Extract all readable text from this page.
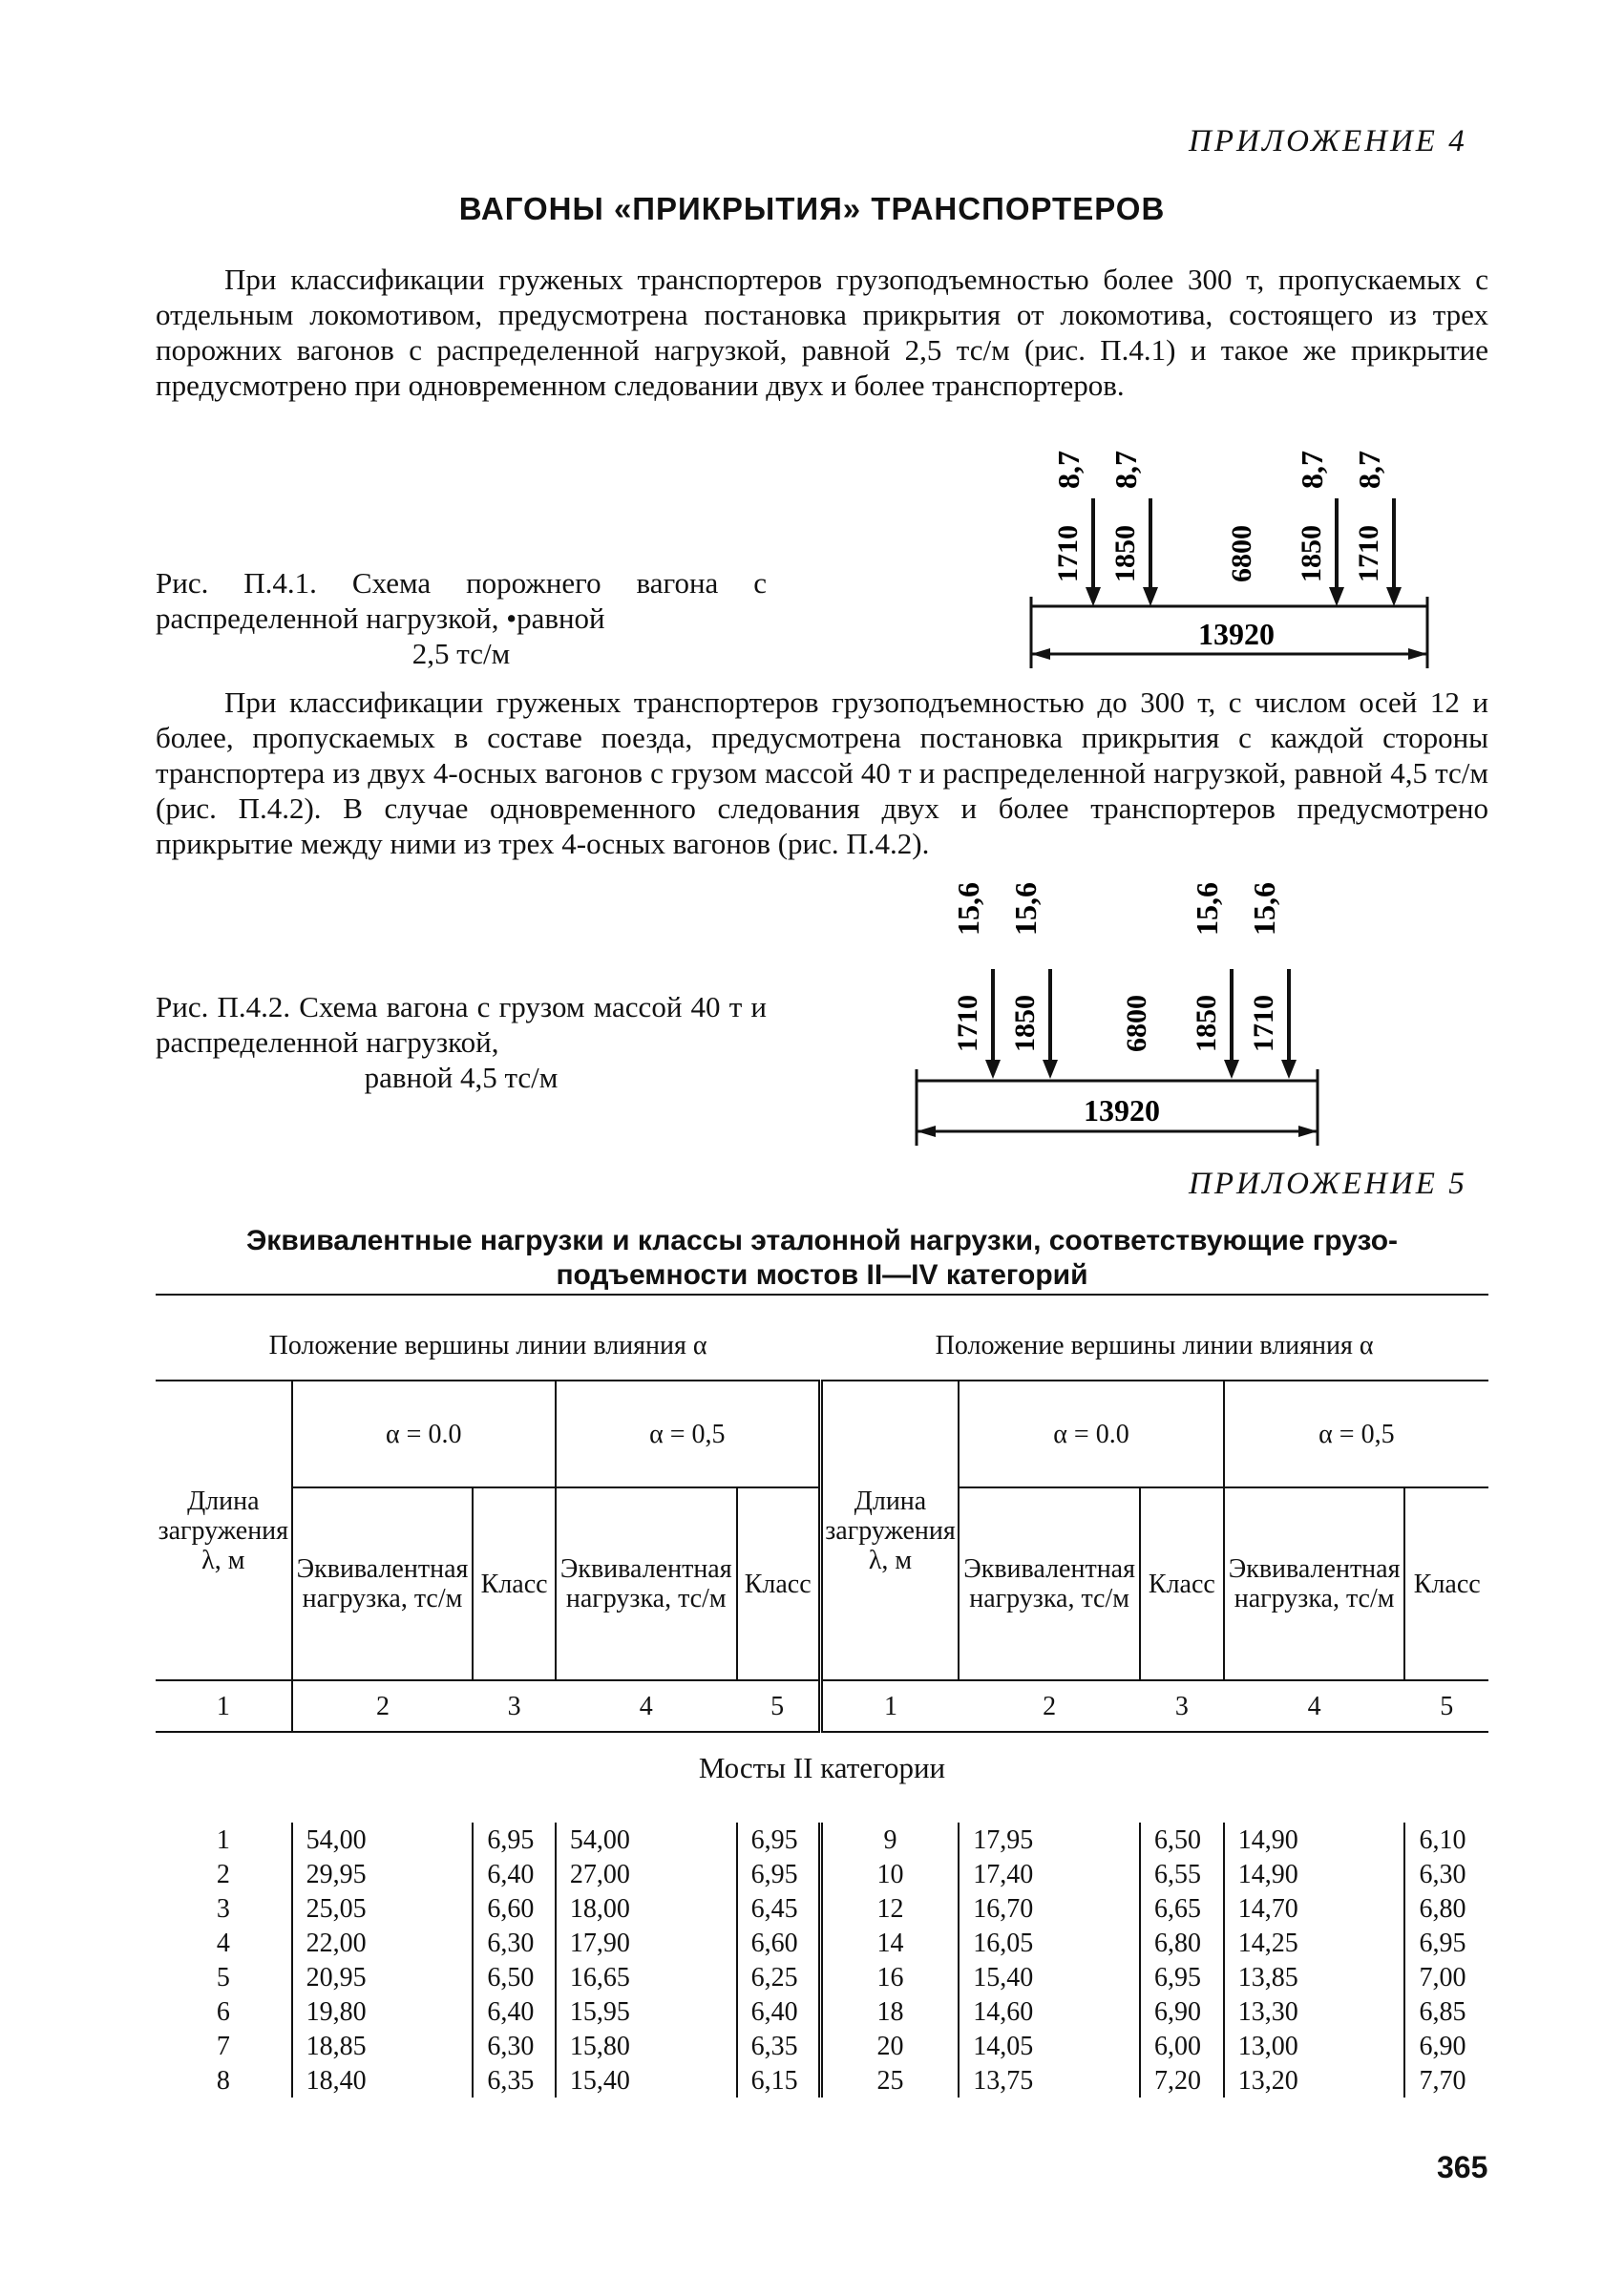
ПРИЛОЖЕНИЕ 4
ВАГОНЫ «ПРИКРЫТИЯ» ТРАНСПОРТЕРОВ
При классификации груженых транспортеров грузоподъемностью более 300 т, пропускаемых с отдельным локомотивом, предусмотрена постановка прикрытия от локомотива, состоящего из трех порожних вагонов с распределенной нагрузкой, равной 2,5 тс/м (рис. П.4.1) и такое же прикрытие предусмотрено при одновременном следовании двух и более транспортеров.
Рис. П.4.1. Схема порожнего вагона с распределенной нагрузкой, •равной

2,5 тс/м
8,7 8,7	8,7 8,7
1710 1850	6800 1850 1710
13920
При классификации груженых транспортеров грузоподъемностью до 300 т, с числом осей 12 и более, пропускаемых в составе поезда, предусмотрена постановка прикрытия с каждой стороны транспортера из двух 4-осных вагонов с грузом массой 40 т и распределенной нагрузкой, равной 4,5 тс/м (рис. П.4.2). В случае одновременного следования двух и более транспортеров предусмотрено прикрытие между ними из трех 4-осных вагонов (рис. П.4.2).
Рис. П.4.2. Схема вагона с грузом массой 40 т и распределенной нагрузкой,

равной 4,5 тс/м
15,6 15,6	15,6 15,6
1710 1850	6800 1850 1710
13920
ПРИЛОЖЕНИЕ 5
Эквивалентные нагрузки и классы эталонной нагрузки, соответствующие грузо-
подъемности мостов II—IV категорий

Положение вершины линии влияния α					Положение вершины линии влияния α				
Длина загружения λ, м	α = 0.0		α = 0,5		Длина загружения λ, м	α = 0.0		α = 0,5	
	Эквивалентная нагрузка, тс/м	Класс	Эквивалентная нагрузка, тс/м	Класс		Эквивалентная нагрузка, тс/м	Класс	Эквивалентная нагрузка, тс/м	Класс
1	2	3	4	5	1	2	3	4	5
Мосты II категории									

1	54,00	6,95	54,00	6,95	9	17,95	6,50	14,90	6,10
2	29,95	6,40	27,00	6,95	10	17,40	6,55	14,90	6,30
3	25,05	6,60	18,00	6,45	12	16,70	6,65	14,70	6,80
4	22,00	6,30	17,90	6,60	14	16,05	6,80	14,25	6,95
5	20,95	6,50	16,65	6,25	16	15,40	6,95	13,85	7,00
6	19,80	6,40	15,95	6,40	18	14,60	6,90	13,30	6,85
7	18,85	6,30	15,80	6,35	20	14,05	6,00	13,00	6,90
8	18,40	6,35	15,40	6,15	25	13,75	7,20	13,20	7,70
365
